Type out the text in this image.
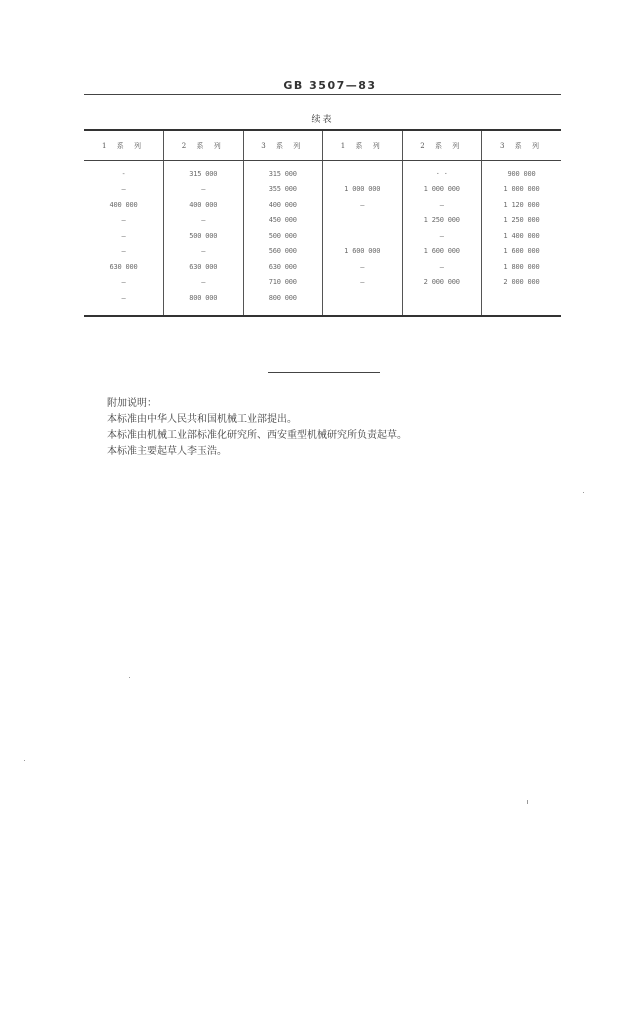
GB 3507—83
续表
1 系 列	2 系 列	3 系 列	1 系 列	2 系 列	3 系 列

-	315 000	315 000		· ·	900 000
—	—	355 000	1 000 000	1 000 000	1 000 000
400 000	400 000	400 000	—	—	1 120 000
—	—	450 000		1 250 000	1 250 000
—	500 000	500 000		—	1 400 000
—	—	560 000	1 600 000	1 600 000	1 600 000
630 000	630 000	630 000	—	—	1 800 000
—	—	710 000	—	2 000 000	2 000 000
—	800 000	800 000			

附加说明：
本标准由中华人民共和国机械工业部提出。
本标准由机械工业部标准化研究所、西安重型机械研究所负责起草。
本标准主要起草人李玉浩。
